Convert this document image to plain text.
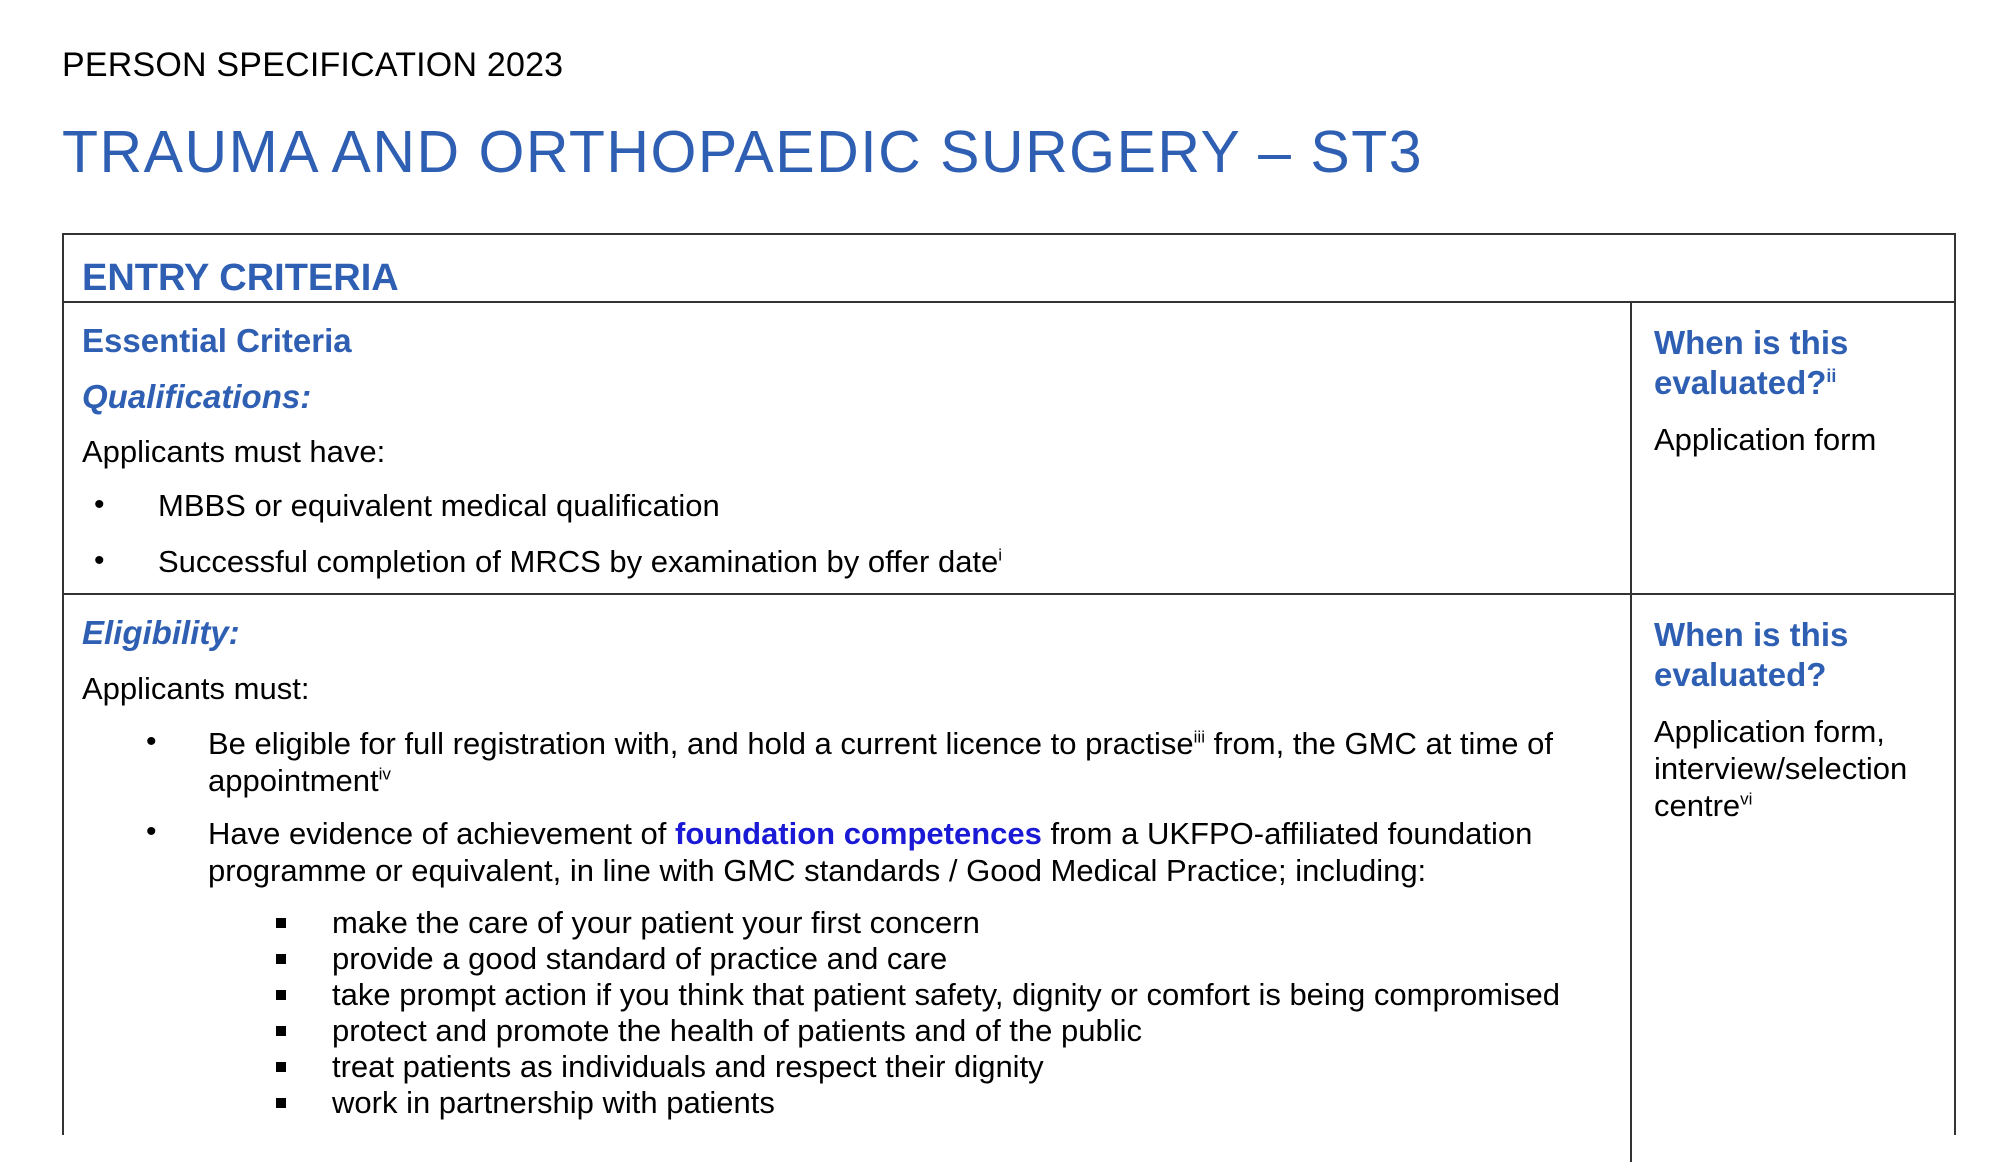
PERSON SPECIFICATION 2023
TRAUMA AND ORTHOPAEDIC SURGERY – ST3
ENTRY CRITERIA
Essential Criteria
Qualifications:
Applicants must have:
• MBBS or equivalent medical qualification
• Successful completion of MRCS by examination by offer date$^i$
When is this
evaluated?$^{ii}$
Application form
Eligibility:
Applicants must:
• Be eligible for full registration with, and hold a current licence to practise$^{iii}$ from, the GMC at time of
appointment$^{iv}$
• Have evidence of achievement of foundation competences from a UKFPO-affiliated foundation
programme or equivalent, in line with GMC standards / Good Medical Practice; including:
make the care of your patient your first concern
provide a good standard of practice and care
take prompt action if you think that patient safety, dignity or comfort is being compromised
protect and promote the health of patients and of the public
treat patients as individuals and respect their dignity
work in partnership with patients
When is this
evaluated?
Application form,
interview/selection
centre$^{vi}$
